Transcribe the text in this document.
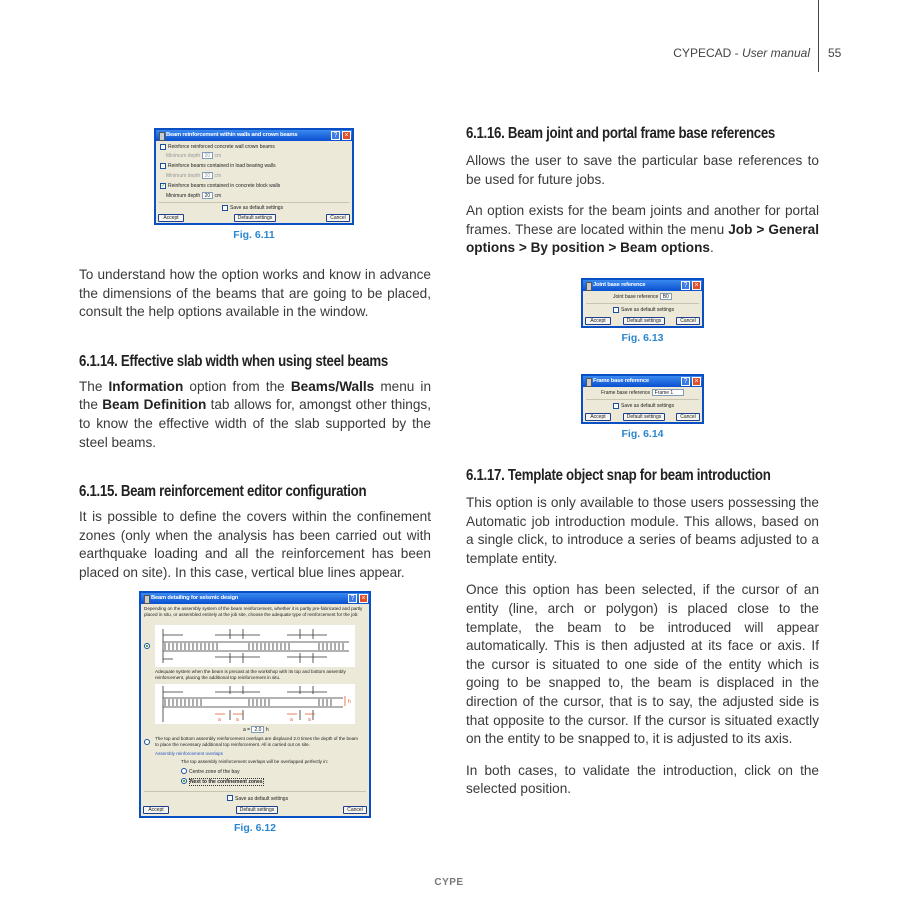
CYPECAD - User manual 55
Beam reinforcement within walls and crown beams	?	×
Reinforce reinforced concrete wall crown beams
Minimum depth 20 cm
Reinforce beams contained in load bearing walls
Minimum depth 20 cm
✓ Reinforce beams contained in concrete block walls
Minimum depth 20 cm
Save as default settings
Accept	Default settings	Cancel
Fig. 6.11
To understand how the option works and know in advance the dimensions of the beams that are going to be placed, consult the help options available in the window.
6.1.14. Effective slab width when using steel beams
The Information option from the Beams/Walls menu in the Beam Definition tab allows for, amongst other things, to know the effective width of the slab supported by the steel beams.
6.1.15. Beam reinforcement editor configuration
It is possible to define the covers within the confinement zones (only when the analysis has been carried out with earthquake loading and all the reinforcement has been placed on site). In this case, vertical blue lines appear.
Beam detailing for seismic design	?	×
Depending on the assembly system of the beam reinforcement, whether it is partly pre-fabricated and partly placed in situ, or assembled entirely at the job site, choose the adequate type of reinforcement for the job:
Adequate system when the beam is precast at the workshop with its top and bottom assembly reinforcement, placing the additional top reinforcement in situ.
h
a	a	a	a
a = 2.0 h
The top and bottom assembly reinforcement overlaps are displaced 2.0 times the depth of the beam to place the necessary additional top reinforcement. All is carried out on site.
Assembly reinforcement overlaps
The top assembly reinforcement overlaps will be overlapped perfectly in:
Centre zone of the bay
Next to the confinement zones
Save as default settings
Accept	Default settings	Cancel
Fig. 6.12
6.1.16. Beam joint and portal frame base references
Allows the user to save the particular base references to be used for future jobs.
An option exists for the beam joints and another for portal frames. These are located within the menu Job > General options > By position > Beam options.
Joint base reference	?	×
Joint base reference B0
Save as default settings
Accept	Default settings	Cancel
Fig. 6.13
Frame base reference	?	×
Frame base reference Frame 1
Save as default settings
Accept	Default settings	Cancel
Fig. 6.14
6.1.17. Template object snap for beam introduction
This option is only available to those users possessing the Automatic job introduction module. This allows, based on a single click, to introduce a series of beams adjusted to a template entity.
Once this option has been selected, if the cursor of an entity (line, arch or polygon) is placed close to the template, the beam to be introduced will appear automatically. This is then adjusted at its face or axis. If the cursor is situated to one side of the entity which is going to be snapped to, the beam is displaced in the direction of the cursor, that is to say, the adjusted side is that opposite to the cursor. If the cursor is situated exactly on the entity to be snapped to, it is adjusted to its axis.
In both cases, to validate the introduction, click on the selected position.
CYPE
